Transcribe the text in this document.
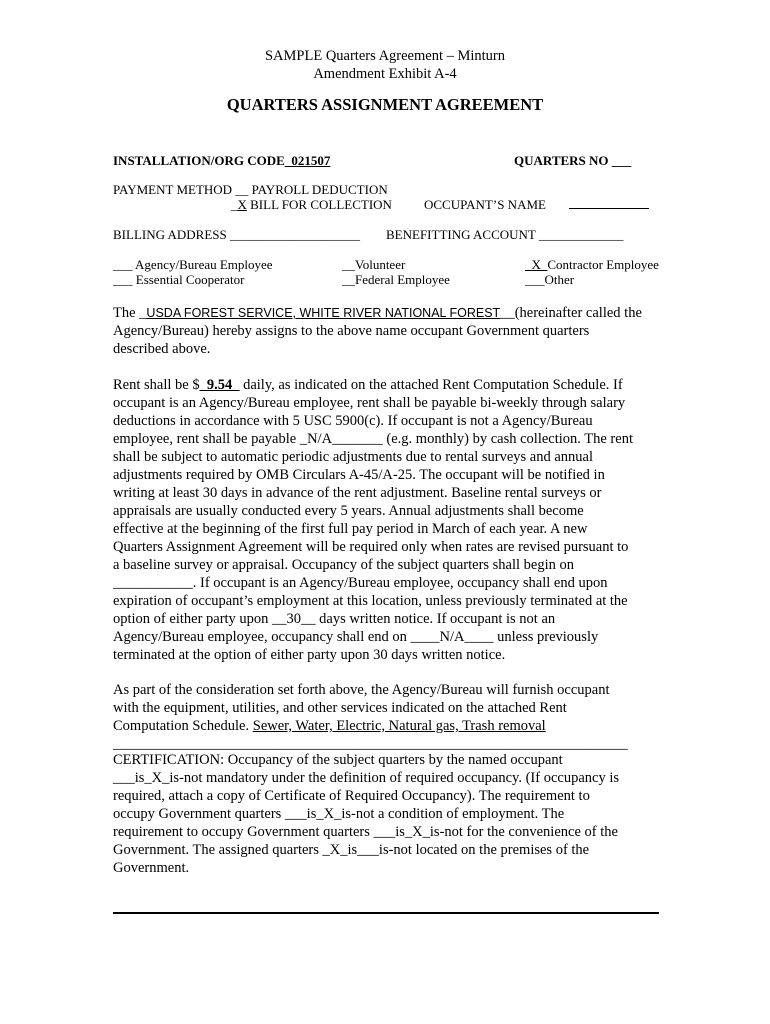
SAMPLE Quarters Agreement – Minturn
Amendment Exhibit A-4
QUARTERS ASSIGNMENT AGREEMENT
INSTALLATION/ORG CODE_021507	QUARTERS NO ___
PAYMENT METHOD __ PAYROLL DEDUCTION
_X BILL FOR COLLECTION OCCUPANT’S NAME
BILLING ADDRESS ____________________ BENEFITTING ACCOUNT _____________
___ Agency/Bureau Employee
___ Essential Cooperator
__Volunteer
__Federal Employee
_X_Contractor Employee
___Other
The _USDA FOREST SERVICE, WHITE RIVER NATIONAL FOREST__(hereinafter called the
Agency/Bureau) hereby assigns to the above name occupant Government quarters
described above.
Rent shall be $_9.54_ daily, as indicated on the attached Rent Computation Schedule. If
occupant is an Agency/Bureau employee, rent shall be payable bi-weekly through salary
deductions in accordance with 5 USC 5900(c). If occupant is not a Agency/Bureau
employee, rent shall be payable _N/A_______ (e.g. monthly) by cash collection. The rent
shall be subject to automatic periodic adjustments due to rental surveys and annual
adjustments required by OMB Circulars A-45/A-25. The occupant will be notified in
writing at least 30 days in advance of the rent adjustment. Baseline rental surveys or
appraisals are usually conducted every 5 years. Annual adjustments shall become
effective at the beginning of the first full pay period in March of each year. A new
Quarters Assignment Agreement will be required only when rates are revised pursuant to
a baseline survey or appraisal. Occupancy of the subject quarters shall begin on
___________. If occupant is an Agency/Bureau employee, occupancy shall end upon
expiration of occupant’s employment at this location, unless previously terminated at the
option of either party upon __30__ days written notice. If occupant is not an
Agency/Bureau employee, occupancy shall end on ____N/A____ unless previously
terminated at the option of either party upon 30 days written notice.
As part of the consideration set forth above, the Agency/Bureau will furnish occupant
with the equipment, utilities, and other services indicated on the attached Rent
Computation Schedule. Sewer, Water, Electric, Natural gas, Trash removal
_______________________________________________________________________
CERTIFICATION: Occupancy of the subject quarters by the named occupant
___is_X_is-not mandatory under the definition of required occupancy. (If occupancy is
required, attach a copy of Certificate of Required Occupancy). The requirement to
occupy Government quarters ___is_X_is-not a condition of employment. The
requirement to occupy Government quarters ___is_X_is-not for the convenience of the
Government. The assigned quarters _X_is___is-not located on the premises of the
Government.
